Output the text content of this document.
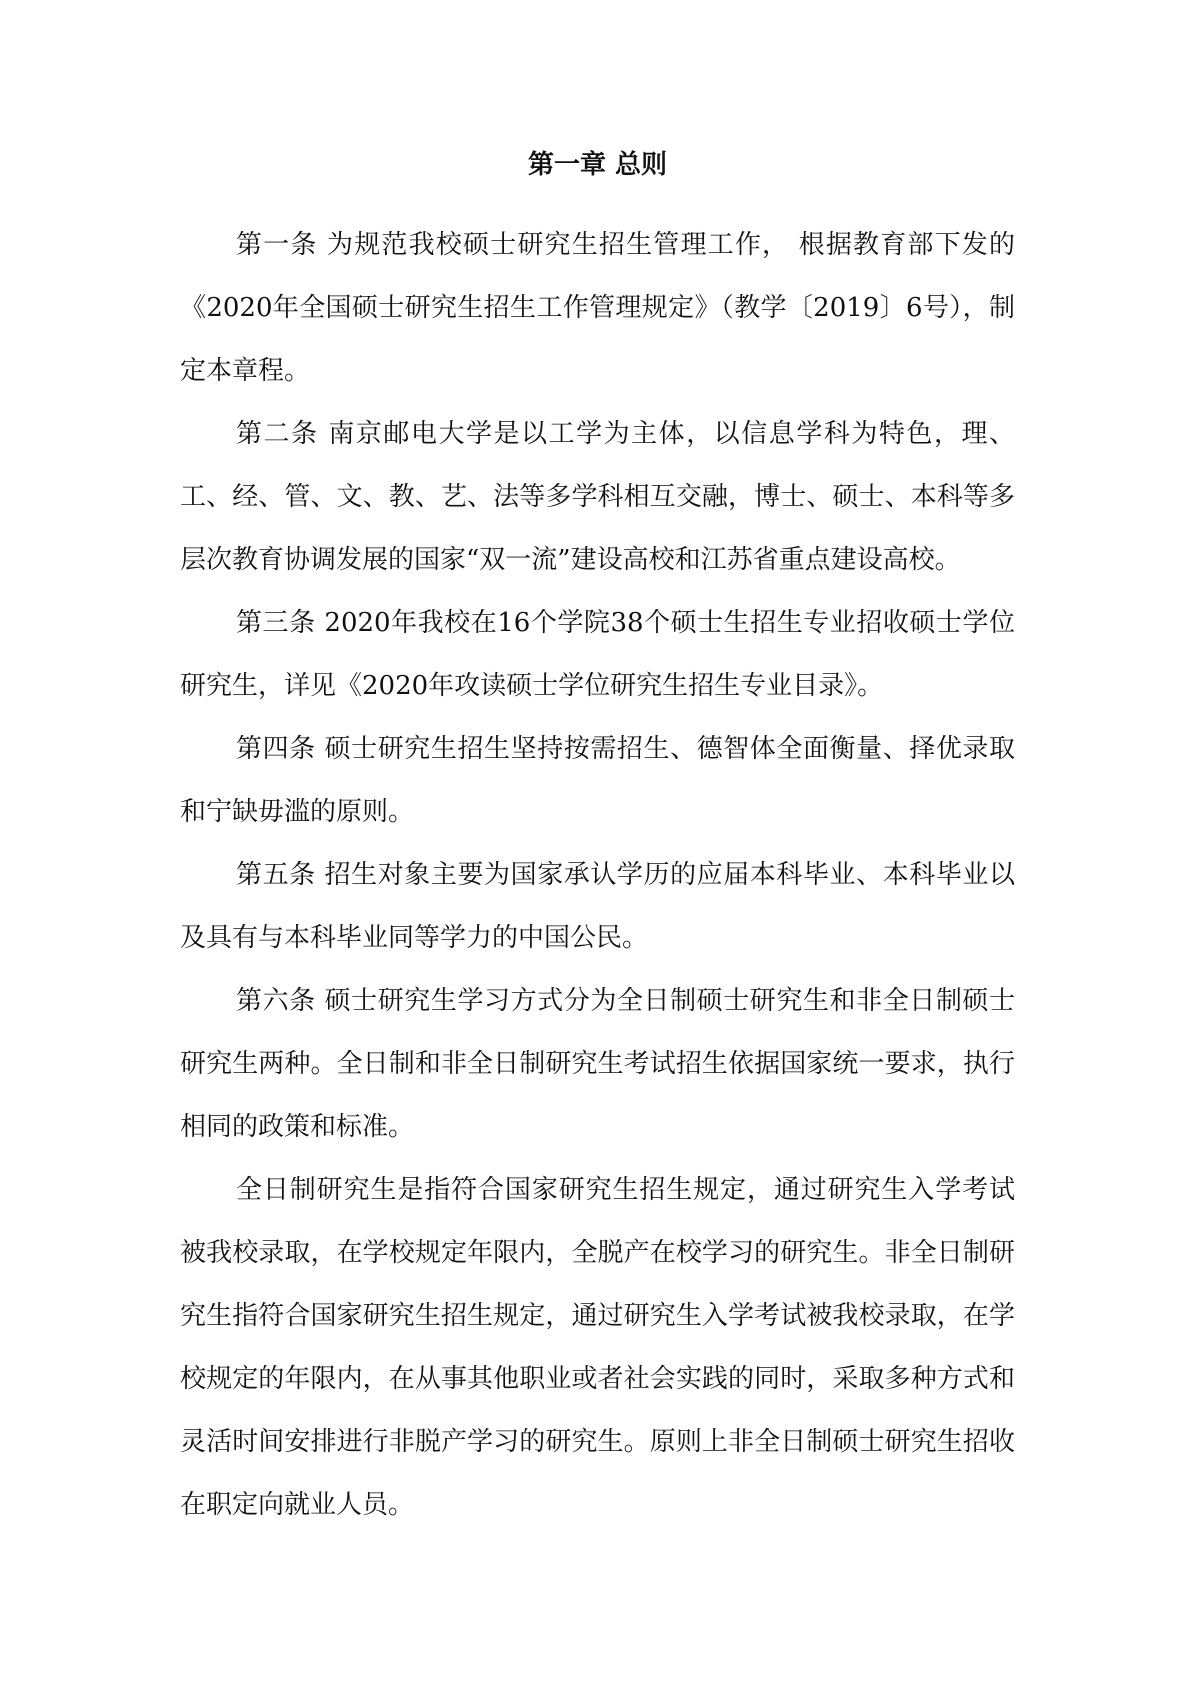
第一章 总则

第一条 为规范我校硕士研究生招生管理工作， 根据教育部下发的《2020年全国硕士研究生招生工作管理规定》（教学〔2019〕6号），制定本章程。

第二条 南京邮电大学是以工学为主体，以信息学科为特色，理、工、经、管、文、教、艺、法等多学科相互交融，博士、硕士、本科等多层次教育协调发展的国家“双一流”建设高校和江苏省重点建设高校。

第三条 2020年我校在16个学院38个硕士生招生专业招收硕士学位研究生，详见《2020年攻读硕士学位研究生招生专业目录》。

第四条 硕士研究生招生坚持按需招生、德智体全面衡量、择优录取和宁缺毋滥的原则。

第五条 招生对象主要为国家承认学历的应届本科毕业、本科毕业以及具有与本科毕业同等学力的中国公民。

第六条 硕士研究生学习方式分为全日制硕士研究生和非全日制硕士研究生两种。全日制和非全日制研究生考试招生依据国家统一要求，执行相同的政策和标准。

全日制研究生是指符合国家研究生招生规定，通过研究生入学考试被我校录取，在学校规定年限内，全脱产在校学习的研究生。非全日制研究生指符合国家研究生招生规定，通过研究生入学考试被我校录取，在学校规定的年限内，在从事其他职业或者社会实践的同时，采取多种方式和灵活时间安排进行非脱产学习的研究生。原则上非全日制硕士研究生招收在职定向就业人员。
